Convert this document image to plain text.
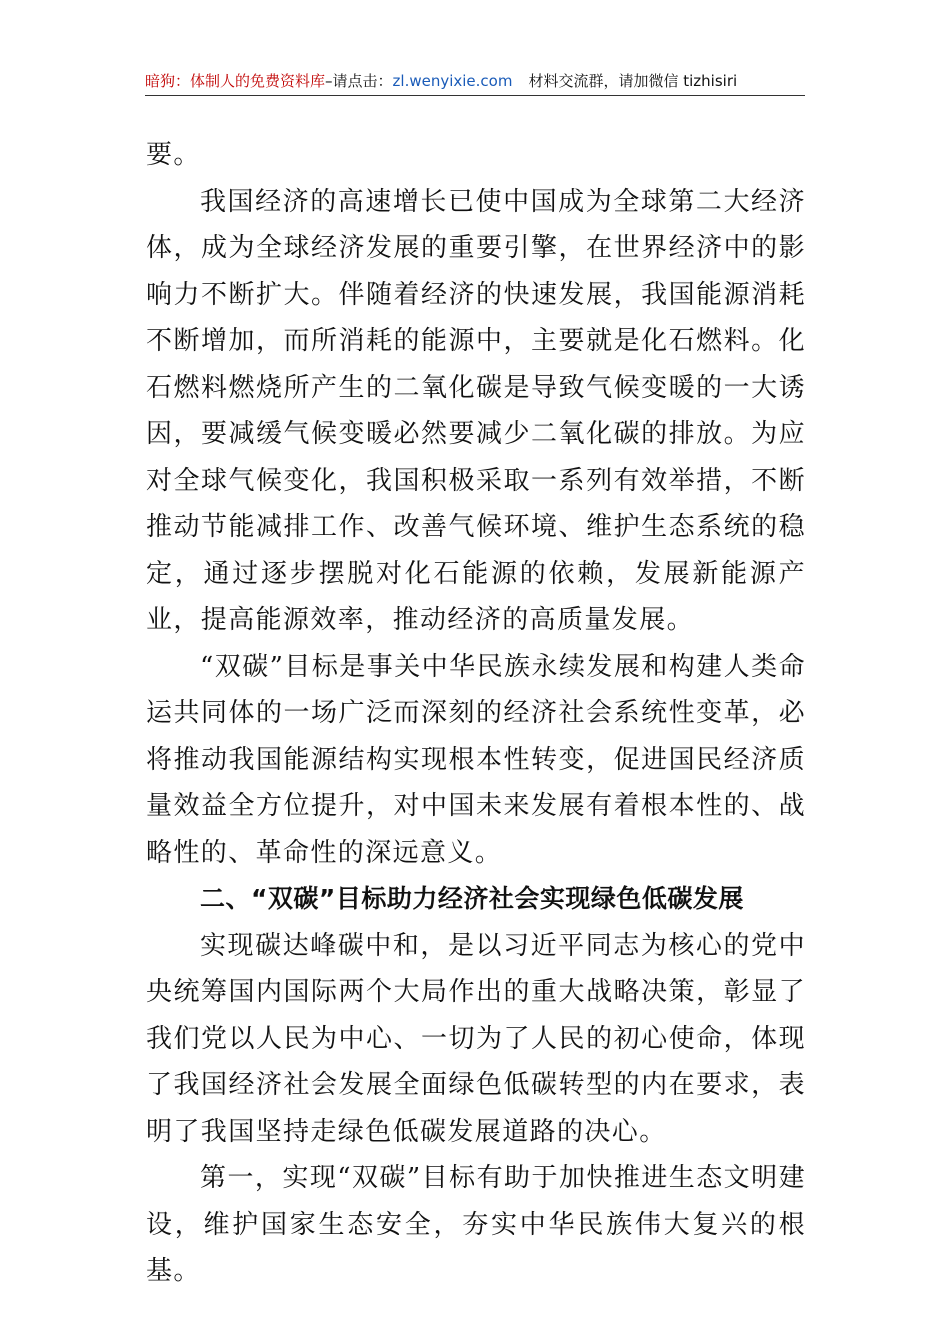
暗狗：体制人的免费资料库–请点击：zl.wenyixie.com 材料交流群，请加微信 tizhisiri

要。

我国经济的高速增长已使中国成为全球第二大经济体，成为全球经济发展的重要引擎，在世界经济中的影响力不断扩大。伴随着经济的快速发展，我国能源消耗不断增加，而所消耗的能源中，主要就是化石燃料。化石燃料燃烧所产生的二氧化碳是导致气候变暖的一大诱因，要减缓气候变暖必然要减少二氧化碳的排放。为应对全球气候变化，我国积极采取一系列有效举措，不断推动节能减排工作、改善气候环境、维护生态系统的稳定，通过逐步摆脱对化石能源的依赖，发展新能源产业，提高能源效率，推动经济的高质量发展。

“双碳”目标是事关中华民族永续发展和构建人类命运共同体的一场广泛而深刻的经济社会系统性变革，必将推动我国能源结构实现根本性转变，促进国民经济质量效益全方位提升，对中国未来发展有着根本性的、战略性的、革命性的深远意义。

二、“双碳”目标助力经济社会实现绿色低碳发展

实现碳达峰碳中和，是以习近平同志为核心的党中央统筹国内国际两个大局作出的重大战略决策，彰显了我们党以人民为中心、一切为了人民的初心使命，体现了我国经济社会发展全面绿色低碳转型的内在要求，表明了我国坚持走绿色低碳发展道路的决心。

第一，实现“双碳”目标有助于加快推进生态文明建设，维护国家生态安全，夯实中华民族伟大复兴的根基。
